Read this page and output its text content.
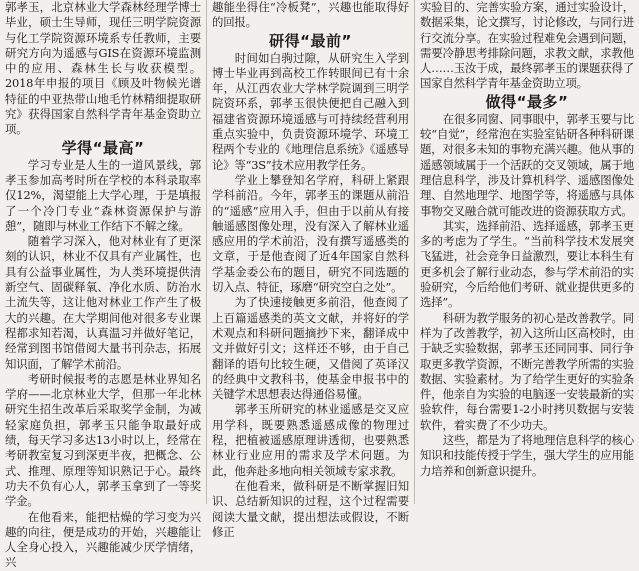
郭孝玉，北京林业大学森林经理学博士毕业，硕士生导师，现任三明学院资源与化工学院资源环境系专任教师，主要研究方向为遥感与GIS在资源环境监测中的应用、森林生长与收获模型。2018年申报的项目《顾及叶物候光谱特征的中亚热带山地毛竹林精细提取研究》获得国家自然科学青年基金资助立项。

学得“最高”

学习专业是人生的一道风景线，郭孝玉参加高考时所在学校的本科录取率仅12%，渴望能上大学心理，于是填报了一个冷门专业“森林资源保护与游憩”，随即与林业工作结下不解之缘。

随着学习深入，他对林业有了更深刻的认识，林业不仅具有产业属性，也具有公益事业属性，为人类环境提供清新空气、固碳释氧、净化水质、防治水土流失等，这让他对林业工作产生了极大的兴趣。在大学期间他对很多专业课程都求知若渴，认真温习并做好笔记，经常到图书馆借阅大量书刊杂志，拓展知识面，了解学术前沿。

考研时候报考的志愿是林业界知名学府——北京林业大学，但那一年北林研究生招生改革后采取奖学金制，为减轻家庭负担，郭孝玉只能争取最好成绩，每天学习多达13小时以上，经常在考研教室复习到深更半夜，把概念、公式、推理、原理等知识熟记于心。最终功夫不负有心人，郭孝玉拿到了一等奖学金。

在他看来，能把枯燥的学习变为兴趣的向往，便是成功的开始，兴趣能让人全身心投入，兴趣能减少厌学情绪，兴

趣能坐得住“冷板凳”，兴趣也能取得好的回报。

研得“最前”

时间如白驹过隙，从研究生入学到博士毕业再到高校工作转眼间已有十余年，从江西农业大学林学院调到三明学院资环系，郭孝玉很快便把自己融入到福建省资源环境遥感与可持续经营利用重点实验中，负责资源环境学、环境工程两个专业的《地理信息系统》《遥感导论》等“3S”技术应用教学任务。

学业上攀登知名学府，科研上紧跟学科前沿。今年，郭孝玉的课题从前沿的“遥感”应用入手，但由于以前从有接触遥感图像处理，没有深入了解林业遥感应用的学术前沿，没有撰写遥感类的文章，于是他查阅了近4年国家自然科学基金委公布的题目，研究不同选题的切入点、特征，琢磨“研究空白之处”。

为了快速接触更多前沿，他查阅了上百篇遥感类的英文文献，并将好的学术观点和科研问题摘抄下来，翻译成中文并做好引文；这样还不够，由于自己翻译的语句比较生硬，又借阅了英译汉的经典中文教科书，使基金申报书中的关键学术思想表达得通俗易懂。

郭孝玉所研究的林业遥感是交叉应用学科，既要熟悉遥感成像的物理过程，把植被遥感原理讲透彻，也要熟悉林业行业应用的需求及学术问题。为此，他奔赴多地向相关领域专家求教。

在他看来，做科研是不断掌握旧知识、总结新知识的过程，这个过程需要阅读大量文献，提出想法或假设，不断修正

实验目的、完善实验方案，通过实验设计，数据采集，论文撰写，讨论修改，与同行进行交流分享。在实验过程难免会遇到问题，需要冷静思考排除问题，求教文献，求教他人……玉汝于成，最终郭孝玉的课题获得了国家自然科学青年基金资助立项。

做得“最多”

在很多同窗、同事眼中，郭孝玉要与比较“自觉”，经常泡在实验室钻研各种科研课题，对很多未知的事物充满兴趣。他从事的遥感领域属于一个活跃的交叉领域，属于地理信息科学，涉及计算机科学、遥感图像处理、自然地理学、地图学等，将遥感与具体事物交叉融合就可能改进的资源获取方式。

其实，选择前沿、选择遥感，郭孝玉更多的考虑为了学生。“当前科学技术发展突飞猛进，社会竞争日益激烈，要让本科生有更多机会了解行业动态，参与学术前沿的实验研究，今后给他们考研、就业提供更多的选择”。

科研为教学服务的初心是改善教学。同样为了改善教学，初入这所山区高校时，由于缺乏实验数据，郭孝玉还同同事、同行争取更多教学资源，不断完善教学所需的实验数据、实验素材。为了给学生更好的实验条件，他亲自为实验的电脑逐一安装最新的实验软件，每台需要1-2小时拷贝数据与安装软件，着实费了不少功夫。

这些，都是为了将地理信息科学的核心知识和技能传授于学生，强大学生的应用能力培养和创新意识提升。
